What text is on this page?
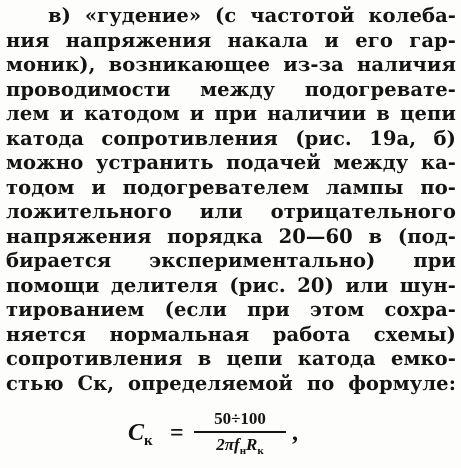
в) «гудение» (с частотой колеба-
ния напряжения накала и его гар-
моник), возникающее из-за наличия
проводимости между подогревате-
лем и катодом и при наличии в цепи
катода сопротивления (рис. 19а, б)
можно устранить подачей между ка-
тодом и подогревателем лампы по-
ложительного или отрицательного
напряжения порядка 20—60 в (под-
бирается экспериментально) при
помощи делителя (рис. 20) или шун-
тированием (если при этом сохра-
няется нормальная работа схемы)
сопротивления в цепи катода емко-
стью Cк, определяемой по формуле:
$C_к$ =
50÷100
$2\pi f_нR_к$
,
